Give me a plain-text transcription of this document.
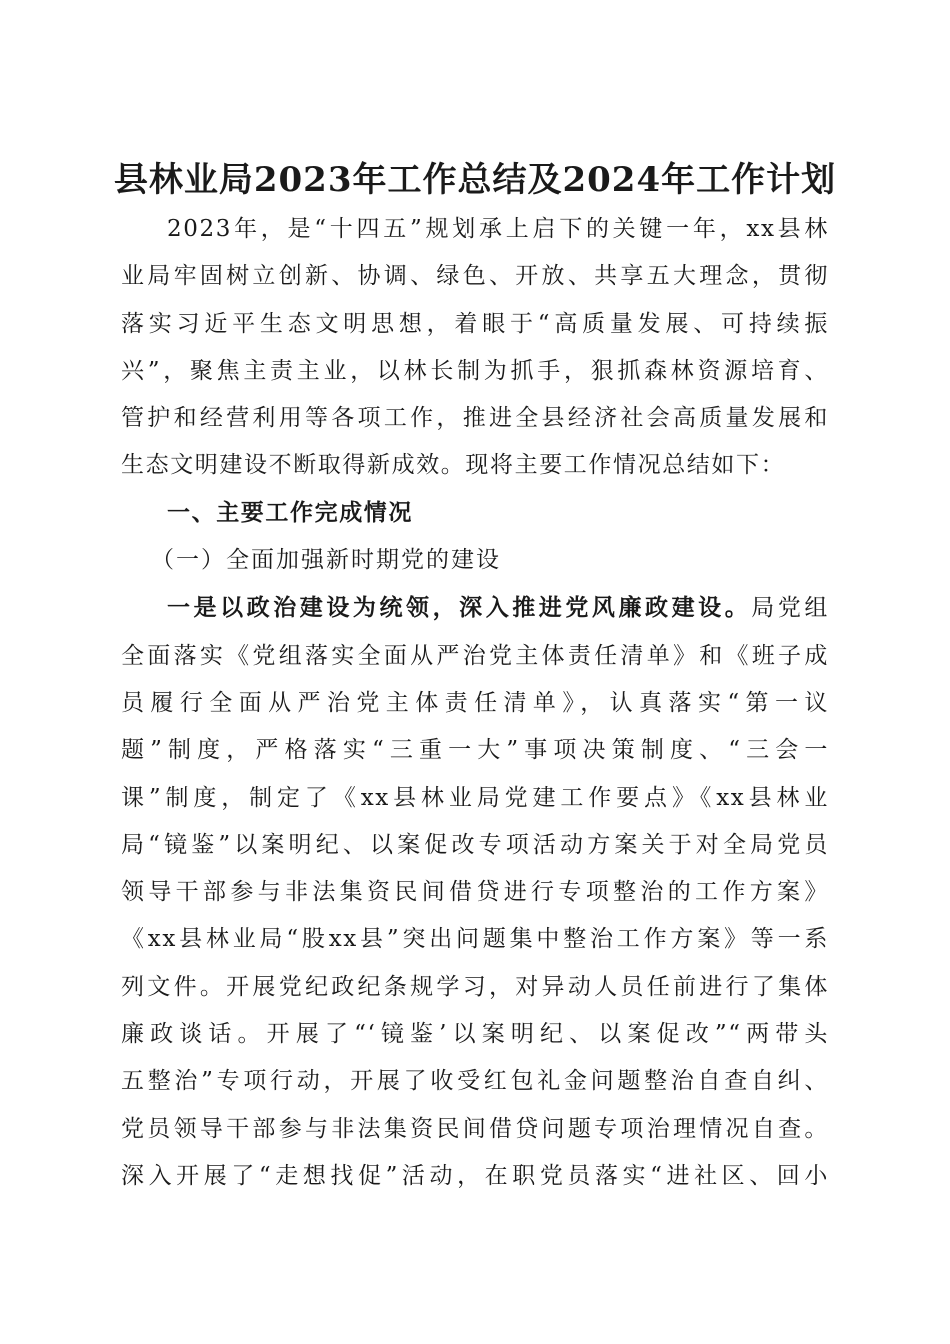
县林业局2023年工作总结及2024年工作计划
2023年，是“十四五”规划承上启下的关键一年，xx县林
业局牢固树立创新、协调、绿色、开放、共享五大理念，贯彻
落实习近平生态文明思想，着眼于“高质量发展、可持续振
兴”，聚焦主责主业，以林长制为抓手，狠抓森林资源培育、
管护和经营利用等各项工作，推进全县经济社会高质量发展和
生态文明建设不断取得新成效。现将主要工作情况总结如下：
一、主要工作完成情况
（一）全面加强新时期党的建设
一是以政治建设为统领，深入推进党风廉政建设。局党组
全面落实《党组落实全面从严治党主体责任清单》和《班子成
员履行全面从严治党主体责任清单》，认真落实“第一议
题”制度，严格落实“三重一大”事项决策制度、“三会一
课”制度，制定了《xx县林业局党建工作要点》《xx县林业
局“镜鉴”以案明纪、以案促改专项活动方案关于对全局党员
领导干部参与非法集资民间借贷进行专项整治的工作方案》
《xx县林业局“股xx县”突出问题集中整治工作方案》等一系
列文件。开展党纪政纪条规学习，对异动人员任前进行了集体
廉政谈话。开展了“‘镜鉴’以案明纪、以案促改”“两带头
五整治”专项行动，开展了收受红包礼金问题整治自查自纠、
党员领导干部参与非法集资民间借贷问题专项治理情况自查。
深入开展了“走想找促”活动，在职党员落实“进社区、回小
